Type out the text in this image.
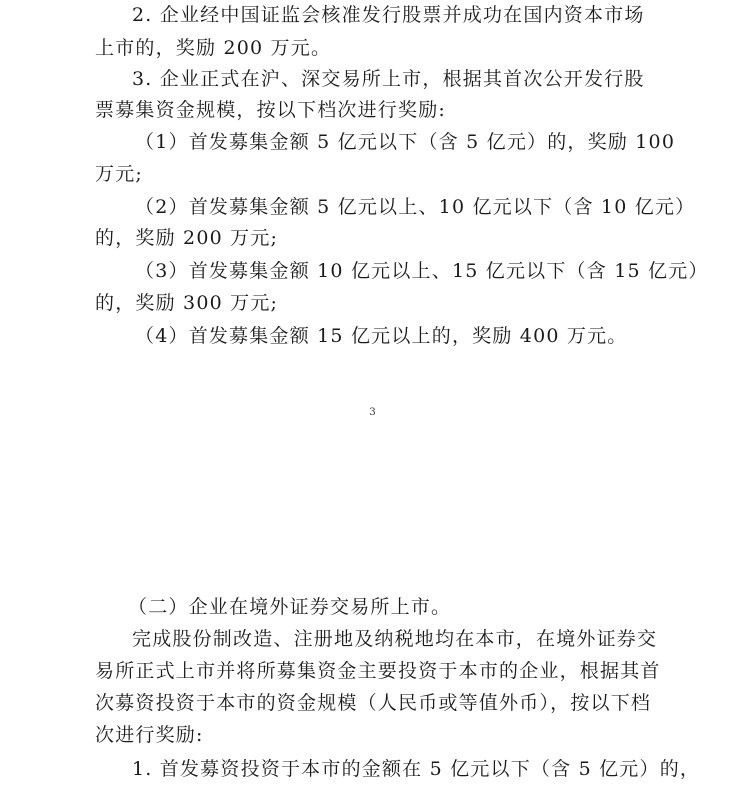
2. 企业经中国证监会核准发行股票并成功在国内资本市场
上市的，奖励 200 万元。
3. 企业正式在沪、深交易所上市，根据其首次公开发行股
票募集资金规模，按以下档次进行奖励:
（1）首发募集金额 5 亿元以下（含 5 亿元）的，奖励 100
万元;
（2）首发募集金额 5 亿元以上、10 亿元以下（含 10 亿元）
的，奖励 200 万元;
（3）首发募集金额 10 亿元以上、15 亿元以下（含 15 亿元）
的，奖励 300 万元;
（4）首发募集金额 15 亿元以上的，奖励 400 万元。
3
（二）企业在境外证券交易所上市。
完成股份制改造、注册地及纳税地均在本市，在境外证券交
易所正式上市并将所募集资金主要投资于本市的企业，根据其首
次募资投资于本市的资金规模（人民币或等值外币），按以下档
次进行奖励:
1. 首发募资投资于本市的金额在 5 亿元以下（含 5 亿元）的，
